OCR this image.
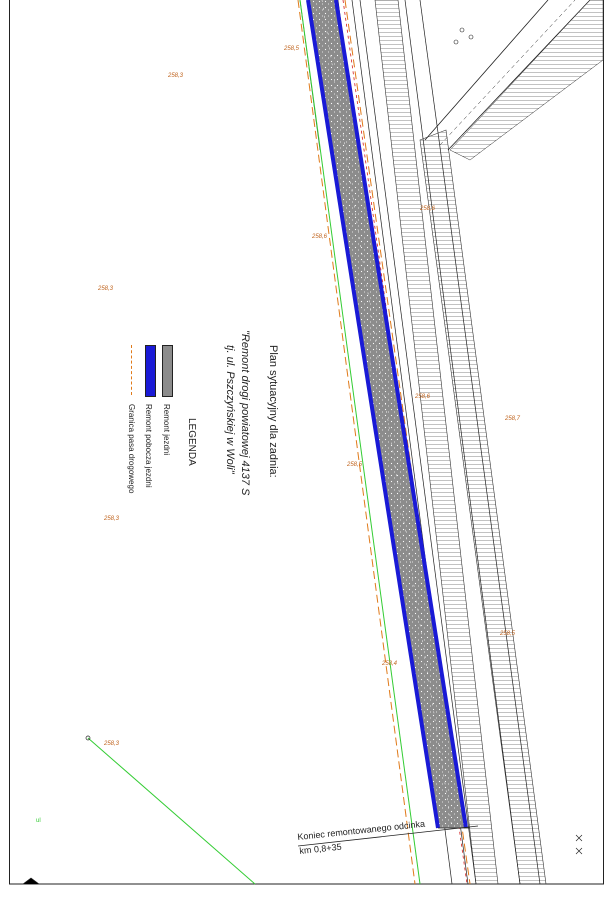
258,3
258,5
258,3
258,6
258,5
258,3
258,4
258,3
258,6
258,6
258,5
258,7
ul
Plan sytuacyjny dla zadnia:
"Remont drogi powiatowej 4137 S
tj. ul. Pszczyńskiej w Woli"
LEGENDA
Remont jezdni
Remont pobocza jezdni
Granica pasa drogowego
Koniec remontowanego odcinka
km 0,8+35
